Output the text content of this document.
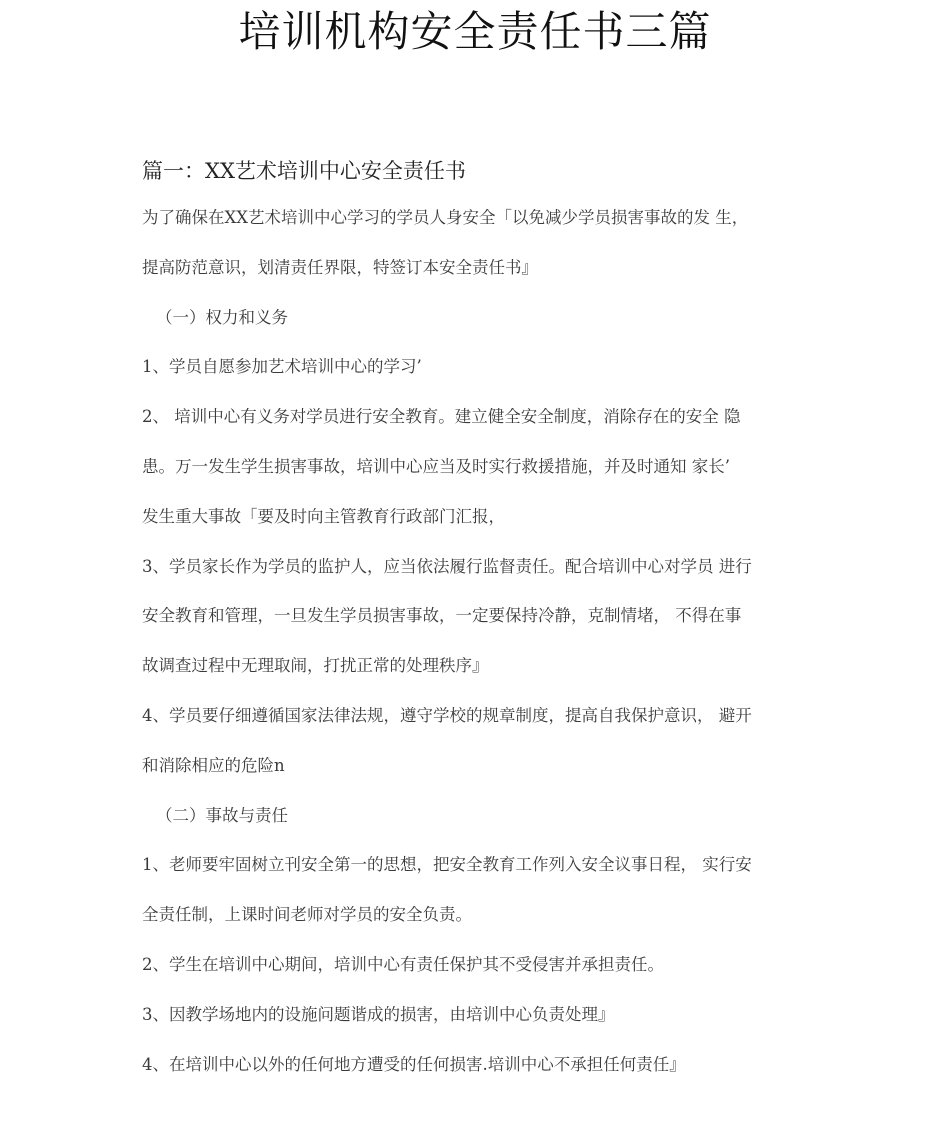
培训机构安全责任书三篇
篇一：XX艺术培训中心安全责任书
为了确保在XX艺术培训中心学习的学员人身安全「以免减少学员损害事故的发 生，
提高防范意识，划清责任界限，特签订本安全责任书』
（一）权力和义务
1、学员自愿参加艺术培训中心的学习’
2、 培训中心有义务对学员进行安全教育。建立健全安全制度，消除存在的安全 隐
患。万一发生学生损害事故，培训中心应当及时实行救援措施，并及时通知 家长’
发生重大事故「要及时向主管教育行政部门汇报，
3、学员家长作为学员的监护人，应当依法履行监督责任。配合培训中心对学员 进行
安全教育和管理，一旦发生学员损害事故，一定要保持冷静，克制情堵， 不得在事
故调查过程中无理取闹，打扰正常的处理秩序』
4、学员要仔细遵循国家法律法规，遵守学校的规章制度，提高自我保护意识， 避开
和消除相应的危险n
（二）事故与责任
1、老师要牢固树立刊安全第一的思想，把安全教育工作列入安全议事日程， 实行安
全责任制，上课时间老师对学员的安全负责。
2、学生在培训中心期间，培训中心有责任保护其不受侵害并承担责任。
3、因教学场地内的设施问题谐成的损害，由培训中心负责处理』
4、在培训中心以外的任何地方遭受的任何损害.培训中心不承担任何责任』
